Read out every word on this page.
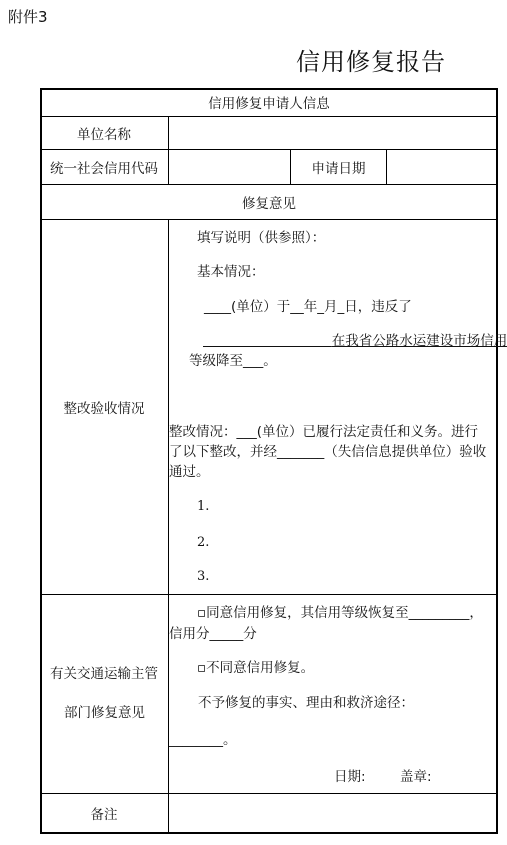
附件3
信用修复报告
信用修复申请人信息
单位名称
统一社会信用代码	申请日期
修复意见
整改验收情况
填写说明（供参照）：
基本情况：
____(单位）于__年_月_日，违反了
在我省公路水运建设市场信用
等级降至___。
整改情况：___(单位）已履行法定责任和义务。进行
了以下整改，并经_______（失信信息提供单位）验收
通过。
1.
2.
3.
有关交通运输主管
部门修复意见
▫同意信用修复，其信用等级恢复至_________，
信用分_____分
▫不同意信用修复。
不予修复的事实、理由和救济途径：
________。
日期:	盖章:
备注
